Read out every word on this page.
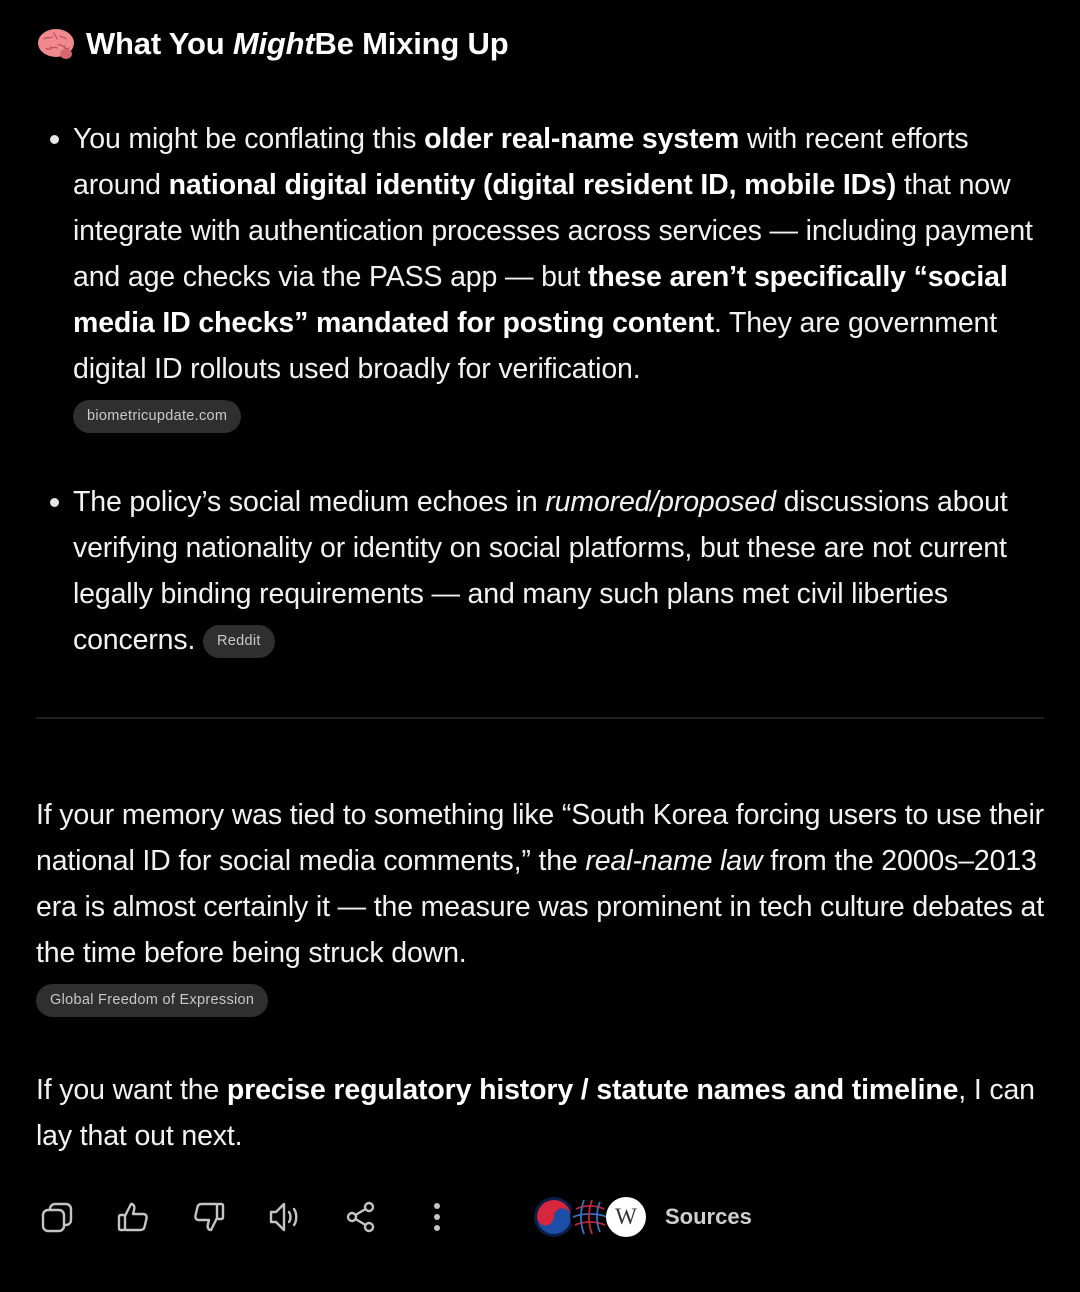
What You
Might Be Mixing Up
You might be conflating this older real-name system with recent efforts around national digital identity (digital resident ID, mobile IDs) that now integrate with authentication processes across services — including payment and age checks via the PASS app — but these aren’t specifically “social media ID checks” mandated for posting content. They are government digital ID rollouts used broadly for verification.
biometricupdate.com
The policy’s social medium echoes in rumored/proposed discussions about verifying nationality or identity on social platforms, but these are not current legally binding requirements — and many such plans met civil liberties concerns. Reddit

If your memory was tied to something like “South Korea forcing users to use their national ID for social media comments,” the real-name law from the 2000s–2013 era is almost certainly it — the measure was prominent in tech culture debates at the time before being struck down.
Global Freedom of Expression

If you want the precise regulatory history / statute names and timeline, I can lay that out next.

W	Sources
